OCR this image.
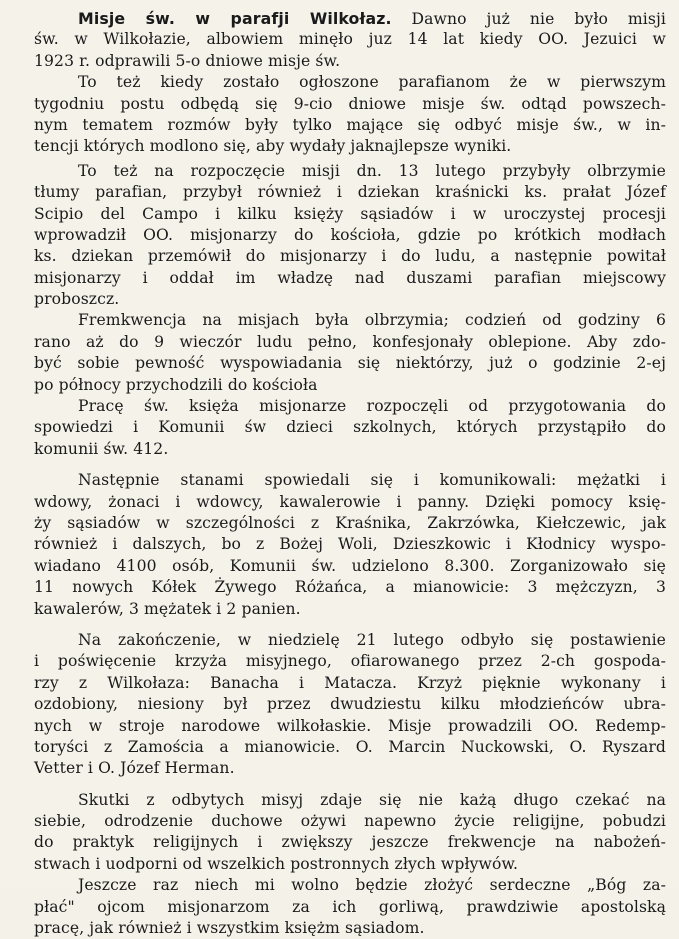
Misje św. w parafji Wilkołaz. Dawno już nie było misji
św. w Wilkołazie, albowiem minęło juz 14 lat kiedy OO. Jezuici w
1923 r. odprawili 5-o dniowe misje św.
To też kiedy zostało ogłoszone parafianom że w pierwszym
tygodniu postu odbędą się 9-cio dniowe misje św. odtąd powszech-
nym tematem rozmów były tylko mające się odbyć misje św., w in-
tencji których modlono się, aby wydały jaknajlepsze wyniki.
To też na rozpoczęcie misji dn. 13 lutego przybyły olbrzymie
tłumy parafian, przybył również i dziekan kraśnicki ks. prałat Józef
Scipio del Campo i kilku księży sąsiadów i w uroczystej procesji
wprowadził OO. misjonarzy do kościoła, gdzie po krótkich modłach
ks. dziekan przemówił do misjonarzy i do ludu, a następnie powitał
misjonarzy i oddał im władzę nad duszami parafian miejscowy
proboszcz.
Fremkwencja na misjach była olbrzymia; codzień od godziny 6
rano aż do 9 wieczór ludu pełno, konfesjonały oblepione. Aby zdo-
być sobie pewność wyspowiadania się niektórzy, już o godzinie 2-ej
po północy przychodzili do kościoła
Pracę św. księża misjonarze rozpoczęli od przygotowania do
spowiedzi i Komunii św dzieci szkolnych, których przystąpiło do
komunii św. 412.
Następnie stanami spowiedali się i komunikowali: mężatki i
wdowy, żonaci i wdowcy, kawalerowie i panny. Dzięki pomocy księ-
ży sąsiadów w szczególności z Kraśnika, Zakrzówka, Kiełczewic, jak
również i dalszych, bo z Bożej Woli, Dzieszkowic i Kłodnicy wyspo-
wiadano 4100 osób, Komunii św. udzielono 8.300. Zorganizowało się
11 nowych Kółek Żywego Różańca, a mianowicie: 3 mężczyzn, 3
kawalerów, 3 mężatek i 2 panien.
Na zakończenie, w niedzielę 21 lutego odbyło się postawienie
i poświęcenie krzyża misyjnego, ofiarowanego przez 2-ch gospoda-
rzy z Wilkołaza: Banacha i Matacza. Krzyż pięknie wykonany i
ozdobiony, niesiony był przez dwudziestu kilku młodzieńców ubra-
nych w stroje narodowe wilkołaskie. Misje prowadzili OO. Redemp-
toryści z Zamościa a mianowicie. O. Marcin Nuckowski, O. Ryszard
Vetter i O. Józef Herman.
Skutki z odbytych misyj zdaje się nie każą długo czekać na
siebie, odrodzenie duchowe ożywi napewno życie religijne, pobudzi
do praktyk religijnych i zwiększy jeszcze frekwencje na nabożeń-
stwach i uodporni od wszelkich postronnych złych wpływów.
Jeszcze raz niech mi wolno będzie złożyć serdeczne „Bóg za-
płać" ojcom misjonarzom za ich gorliwą, prawdziwie apostolską
pracę, jak również i wszystkim księżm sąsiadom.
